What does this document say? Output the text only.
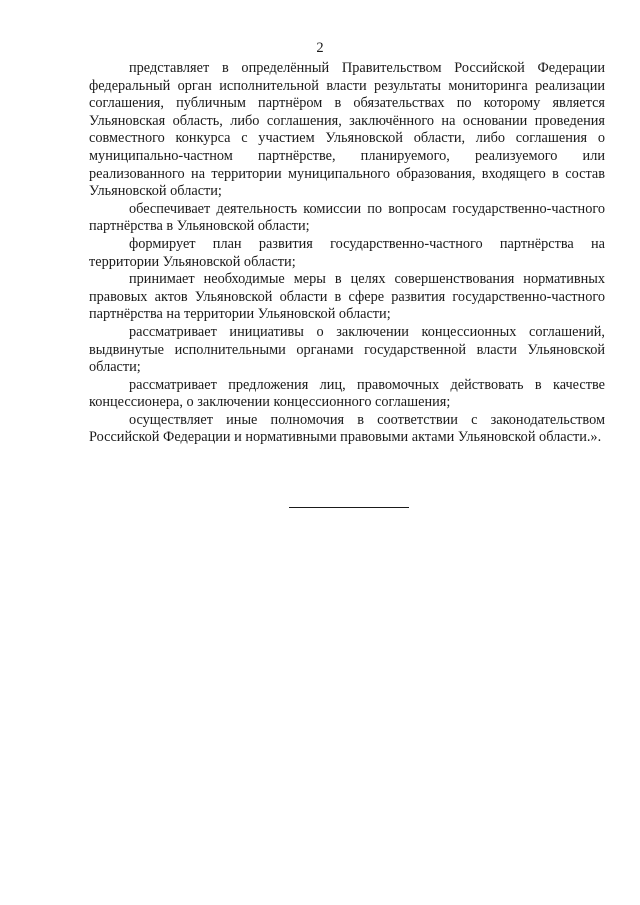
2

представляет в определённый Правительством Российской Федерации федеральный орган исполнительной власти результаты мониторинга реализации соглашения, публичным партнёром в обязательствах по которому является Ульяновская область, либо соглашения, заключённого на основании проведения совместного конкурса с участием Ульяновской области, либо соглашения о муниципально-частном партнёрстве, планируемого, реализуемого или реализованного на территории муниципального образования, входящего в состав Ульяновской области;

обеспечивает деятельность комиссии по вопросам государственно-частного партнёрства в Ульяновской области;

формирует план развития государственно-частного партнёрства на территории Ульяновской области;

принимает необходимые меры в целях совершенствования нормативных правовых актов Ульяновской области в сфере развития государственно-частного партнёрства на территории Ульяновской области;

рассматривает инициативы о заключении концессионных соглашений, выдвинутые исполнительными органами государственной власти Ульяновской области;

рассматривает предложения лиц, правомочных действовать в качестве концессионера, о заключении концессионного соглашения;

осуществляет иные полномочия в соответствии с законодательством Российской Федерации и нормативными правовыми актами Ульяновской области.».
